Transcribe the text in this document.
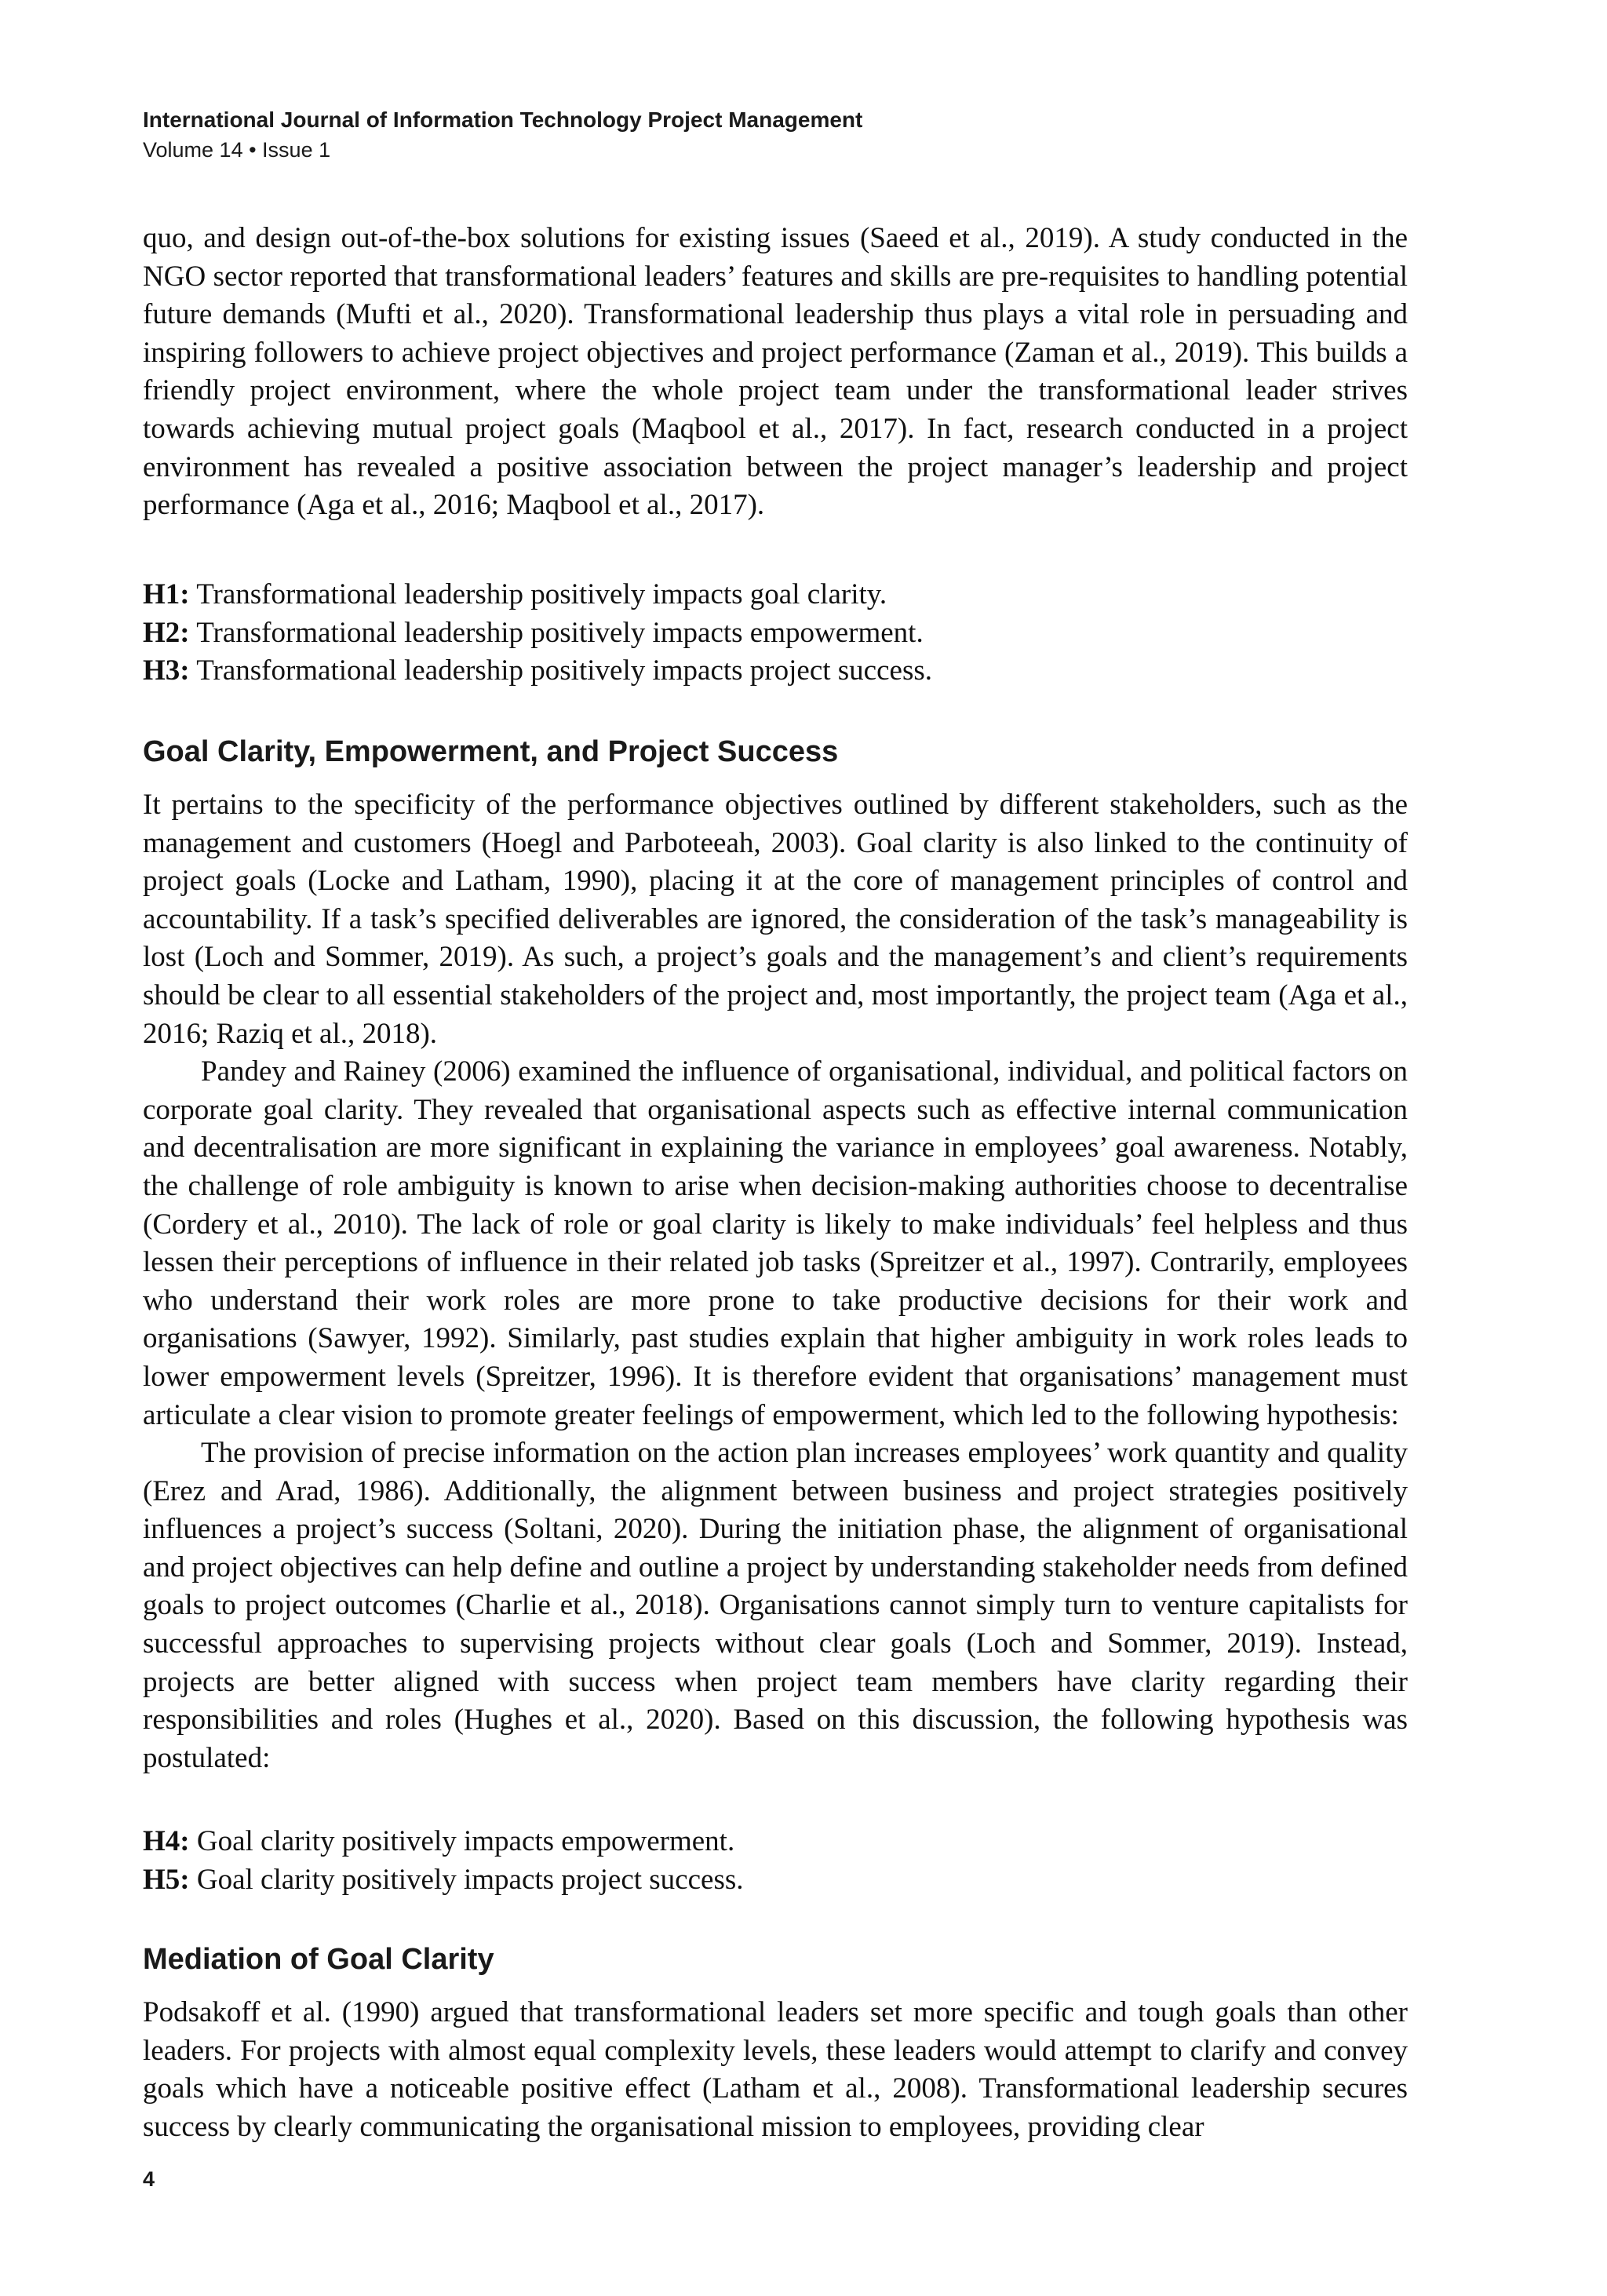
International Journal of Information Technology Project Management
Volume 14 • Issue 1

quo, and design out-of-the-box solutions for existing issues (Saeed et al., 2019). A study conducted in the NGO sector reported that transformational leaders’ features and skills are pre-requisites to handling potential future demands (Mufti et al., 2020). Transformational leadership thus plays a vital role in persuading and inspiring followers to achieve project objectives and project performance (Zaman et al., 2019). This builds a friendly project environment, where the whole project team under the transformational leader strives towards achieving mutual project goals (Maqbool et al., 2017). In fact, research conducted in a project environment has revealed a positive association between the project manager’s leadership and project performance (Aga et al., 2016; Maqbool et al., 2017).

H1: Transformational leadership positively impacts goal clarity.
H2: Transformational leadership positively impacts empowerment.
H3: Transformational leadership positively impacts project success.
Goal Clarity, Empowerment, and Project Success

It pertains to the specificity of the performance objectives outlined by different stakeholders, such as the management and customers (Hoegl and Parboteeah, 2003). Goal clarity is also linked to the continuity of project goals (Locke and Latham, 1990), placing it at the core of management principles of control and accountability. If a task’s specified deliverables are ignored, the consideration of the task’s manageability is lost (Loch and Sommer, 2019). As such, a project’s goals and the management’s and client’s requirements should be clear to all essential stakeholders of the project and, most importantly, the project team (Aga et al., 2016; Raziq et al., 2018).

Pandey and Rainey (2006) examined the influence of organisational, individual, and political factors on corporate goal clarity. They revealed that organisational aspects such as effective internal communication and decentralisation are more significant in explaining the variance in employees’ goal awareness. Notably, the challenge of role ambiguity is known to arise when decision-making authorities choose to decentralise (Cordery et al., 2010). The lack of role or goal clarity is likely to make individuals’ feel helpless and thus lessen their perceptions of influence in their related job tasks (Spreitzer et al., 1997). Contrarily, employees who understand their work roles are more prone to take productive decisions for their work and organisations (Sawyer, 1992). Similarly, past studies explain that higher ambiguity in work roles leads to lower empowerment levels (Spreitzer, 1996). It is therefore evident that organisations’ management must articulate a clear vision to promote greater feelings of empowerment, which led to the following hypothesis:

The provision of precise information on the action plan increases employees’ work quantity and quality (Erez and Arad, 1986). Additionally, the alignment between business and project strategies positively influences a project’s success (Soltani, 2020). During the initiation phase, the alignment of organisational and project objectives can help define and outline a project by understanding stakeholder needs from defined goals to project outcomes (Charlie et al., 2018). Organisations cannot simply turn to venture capitalists for successful approaches to supervising projects without clear goals (Loch and Sommer, 2019). Instead, projects are better aligned with success when project team members have clarity regarding their responsibilities and roles (Hughes et al., 2020). Based on this discussion, the following hypothesis was postulated:

H4: Goal clarity positively impacts empowerment.
H5: Goal clarity positively impacts project success.
Mediation of Goal Clarity

Podsakoff et al. (1990) argued that transformational leaders set more specific and tough goals than other leaders. For projects with almost equal complexity levels, these leaders would attempt to clarify and convey goals which have a noticeable positive effect (Latham et al., 2008). Transformational leadership secures success by clearly communicating the organisational mission to employees, providing clear

4
